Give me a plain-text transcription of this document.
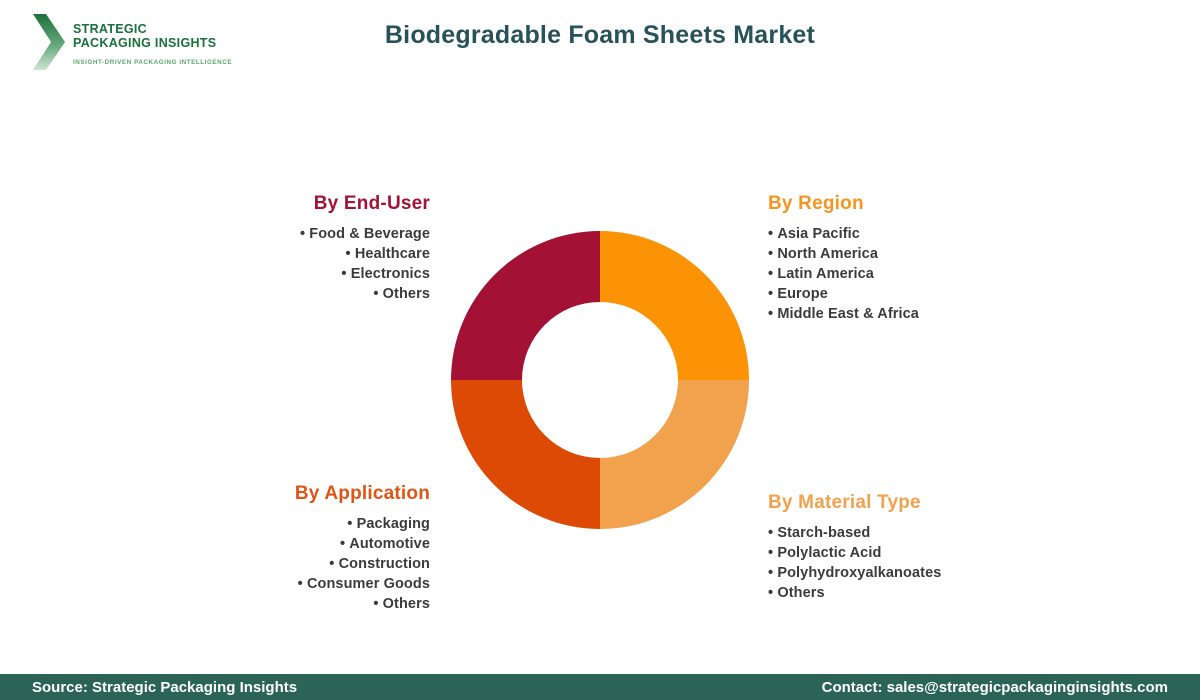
STRATEGIC
PACKAGING INSIGHTS
INSIGHT-DRIVEN PACKAGING INTELLIGENCE
Biodegradable Foam Sheets Market
By End-User
• Food & Beverage
• Healthcare
• Electronics
• Others
By Region
• Asia Pacific
• North America
• Latin America
• Europe
• Middle East & Africa
By Application
• Packaging
• Automotive
• Construction
• Consumer Goods
• Others
By Material Type
• Starch-based
• Polylactic Acid
• Polyhydroxyalkanoates
• Others
Source: Strategic Packaging Insights	Contact: sales@strategicpackaginginsights.com
